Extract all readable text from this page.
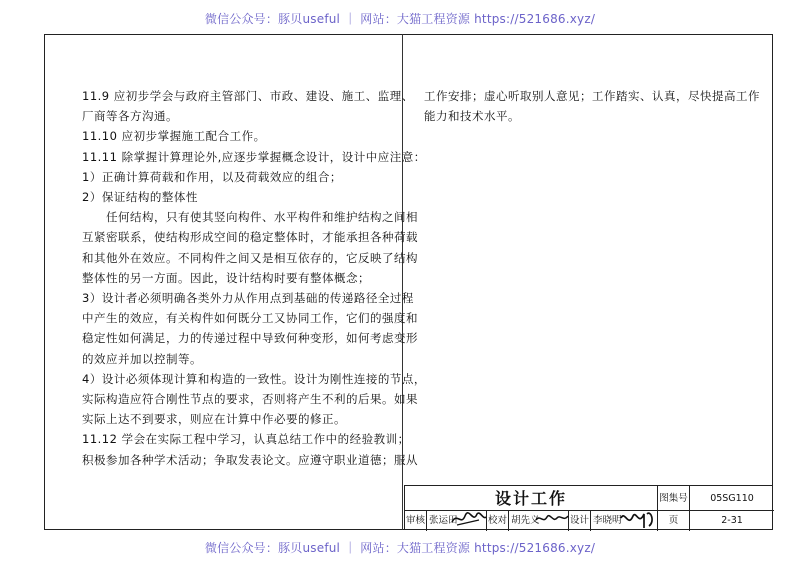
微信公众号：豚贝useful ｜ 网站：大猫工程资源 https://521686.xyz/

11.9 应初步学会与政府主管部门、市政、建设、施工、监理、

厂商等各方沟通。

11.10 应初步掌握施工配合工作。

11.11 除掌握计算理论外,应逐步掌握概念设计，设计中应注意：

1）正确计算荷载和作用，以及荷载效应的组合；

2）保证结构的整体性

任何结构，只有使其竖向构件、水平构件和维护结构之间相

互紧密联系，使结构形成空间的稳定整体时，才能承担各种荷载

和其他外在效应。不同构件之间又是相互依存的，它反映了结构

整体性的另一方面。因此，设计结构时要有整体概念；

3）设计者必须明确各类外力从作用点到基础的传递路径全过程

中产生的效应，有关构件如何既分工又协同工作，它们的强度和

稳定性如何满足，力的传递过程中导致何种变形，如何考虑变形

的效应并加以控制等。

4）设计必须体现计算和构造的一致性。设计为刚性连接的节点，

实际构造应符合刚性节点的要求，否则将产生不利的后果。如果

实际上达不到要求，则应在计算中作必要的修正。

11.12 学会在实际工程中学习，认真总结工作中的经验教训；

积极参加各种学术活动；争取发表论文。应遵守职业道德；服从

工作安排；虚心听取别人意见；工作踏实、认真，尽快提高工作

能力和技术水平。

设计工作	图集号	05SG110
审核 张运田	校对 胡先义	设计 李晓明	页	2-31
微信公众号：豚贝useful ｜ 网站：大猫工程资源 https://521686.xyz/
